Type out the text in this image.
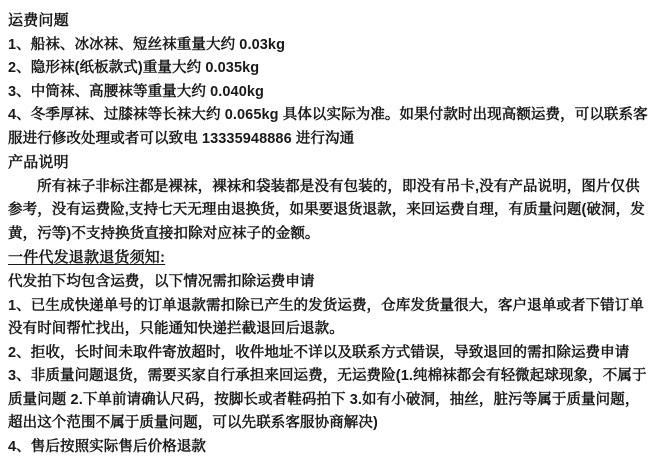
运费问题

1、船袜、冰冰袜、短丝袜重量大约 0.03kg

2、隐形袜(纸板款式)重量大约 0.035kg

3、中筒袜、高腰袜等重量大约 0.040kg

4、冬季厚袜、过膝袜等长袜大约 0.065kg 具体以实际为准。如果付款时出现高额运费，可以联系客服进行修改处理或者可以致电 13335948886 进行沟通

产品说明

所有袜子非标注都是裸袜，裸袜和袋装都是没有包装的，即没有吊卡,没有产品说明，图片仅供参考，没有运费险,支持七天无理由退换货，如果要退货退款，来回运费自理，有质量问题(破洞，发黄，污等)不支持换货直接扣除对应袜子的金额。

一件代发退款退货须知:

代发拍下均包含运费，以下情况需扣除运费申请

1、已生成快递单号的订单退款需扣除已产生的发货运费，仓库发货量很大，客户退单或者下错订单没有时间帮忙找出，只能通知快递拦截退回后退款。

2、拒收，长时间未取件寄放超时，收件地址不详以及联系方式错误，导致退回的需扣除运费申请

3、非质量问题退货，需要买家自行承担来回运费，无运费险(1.纯棉袜都会有轻微起球现象，不属于质量问题 2.下单前请确认尺码，按脚长或者鞋码拍下 3.如有小破洞，抽丝，脏污等属于质量问题，超出这个范围不属于质量问题，可以先联系客服协商解决)

4、售后按照实际售后价格退款
